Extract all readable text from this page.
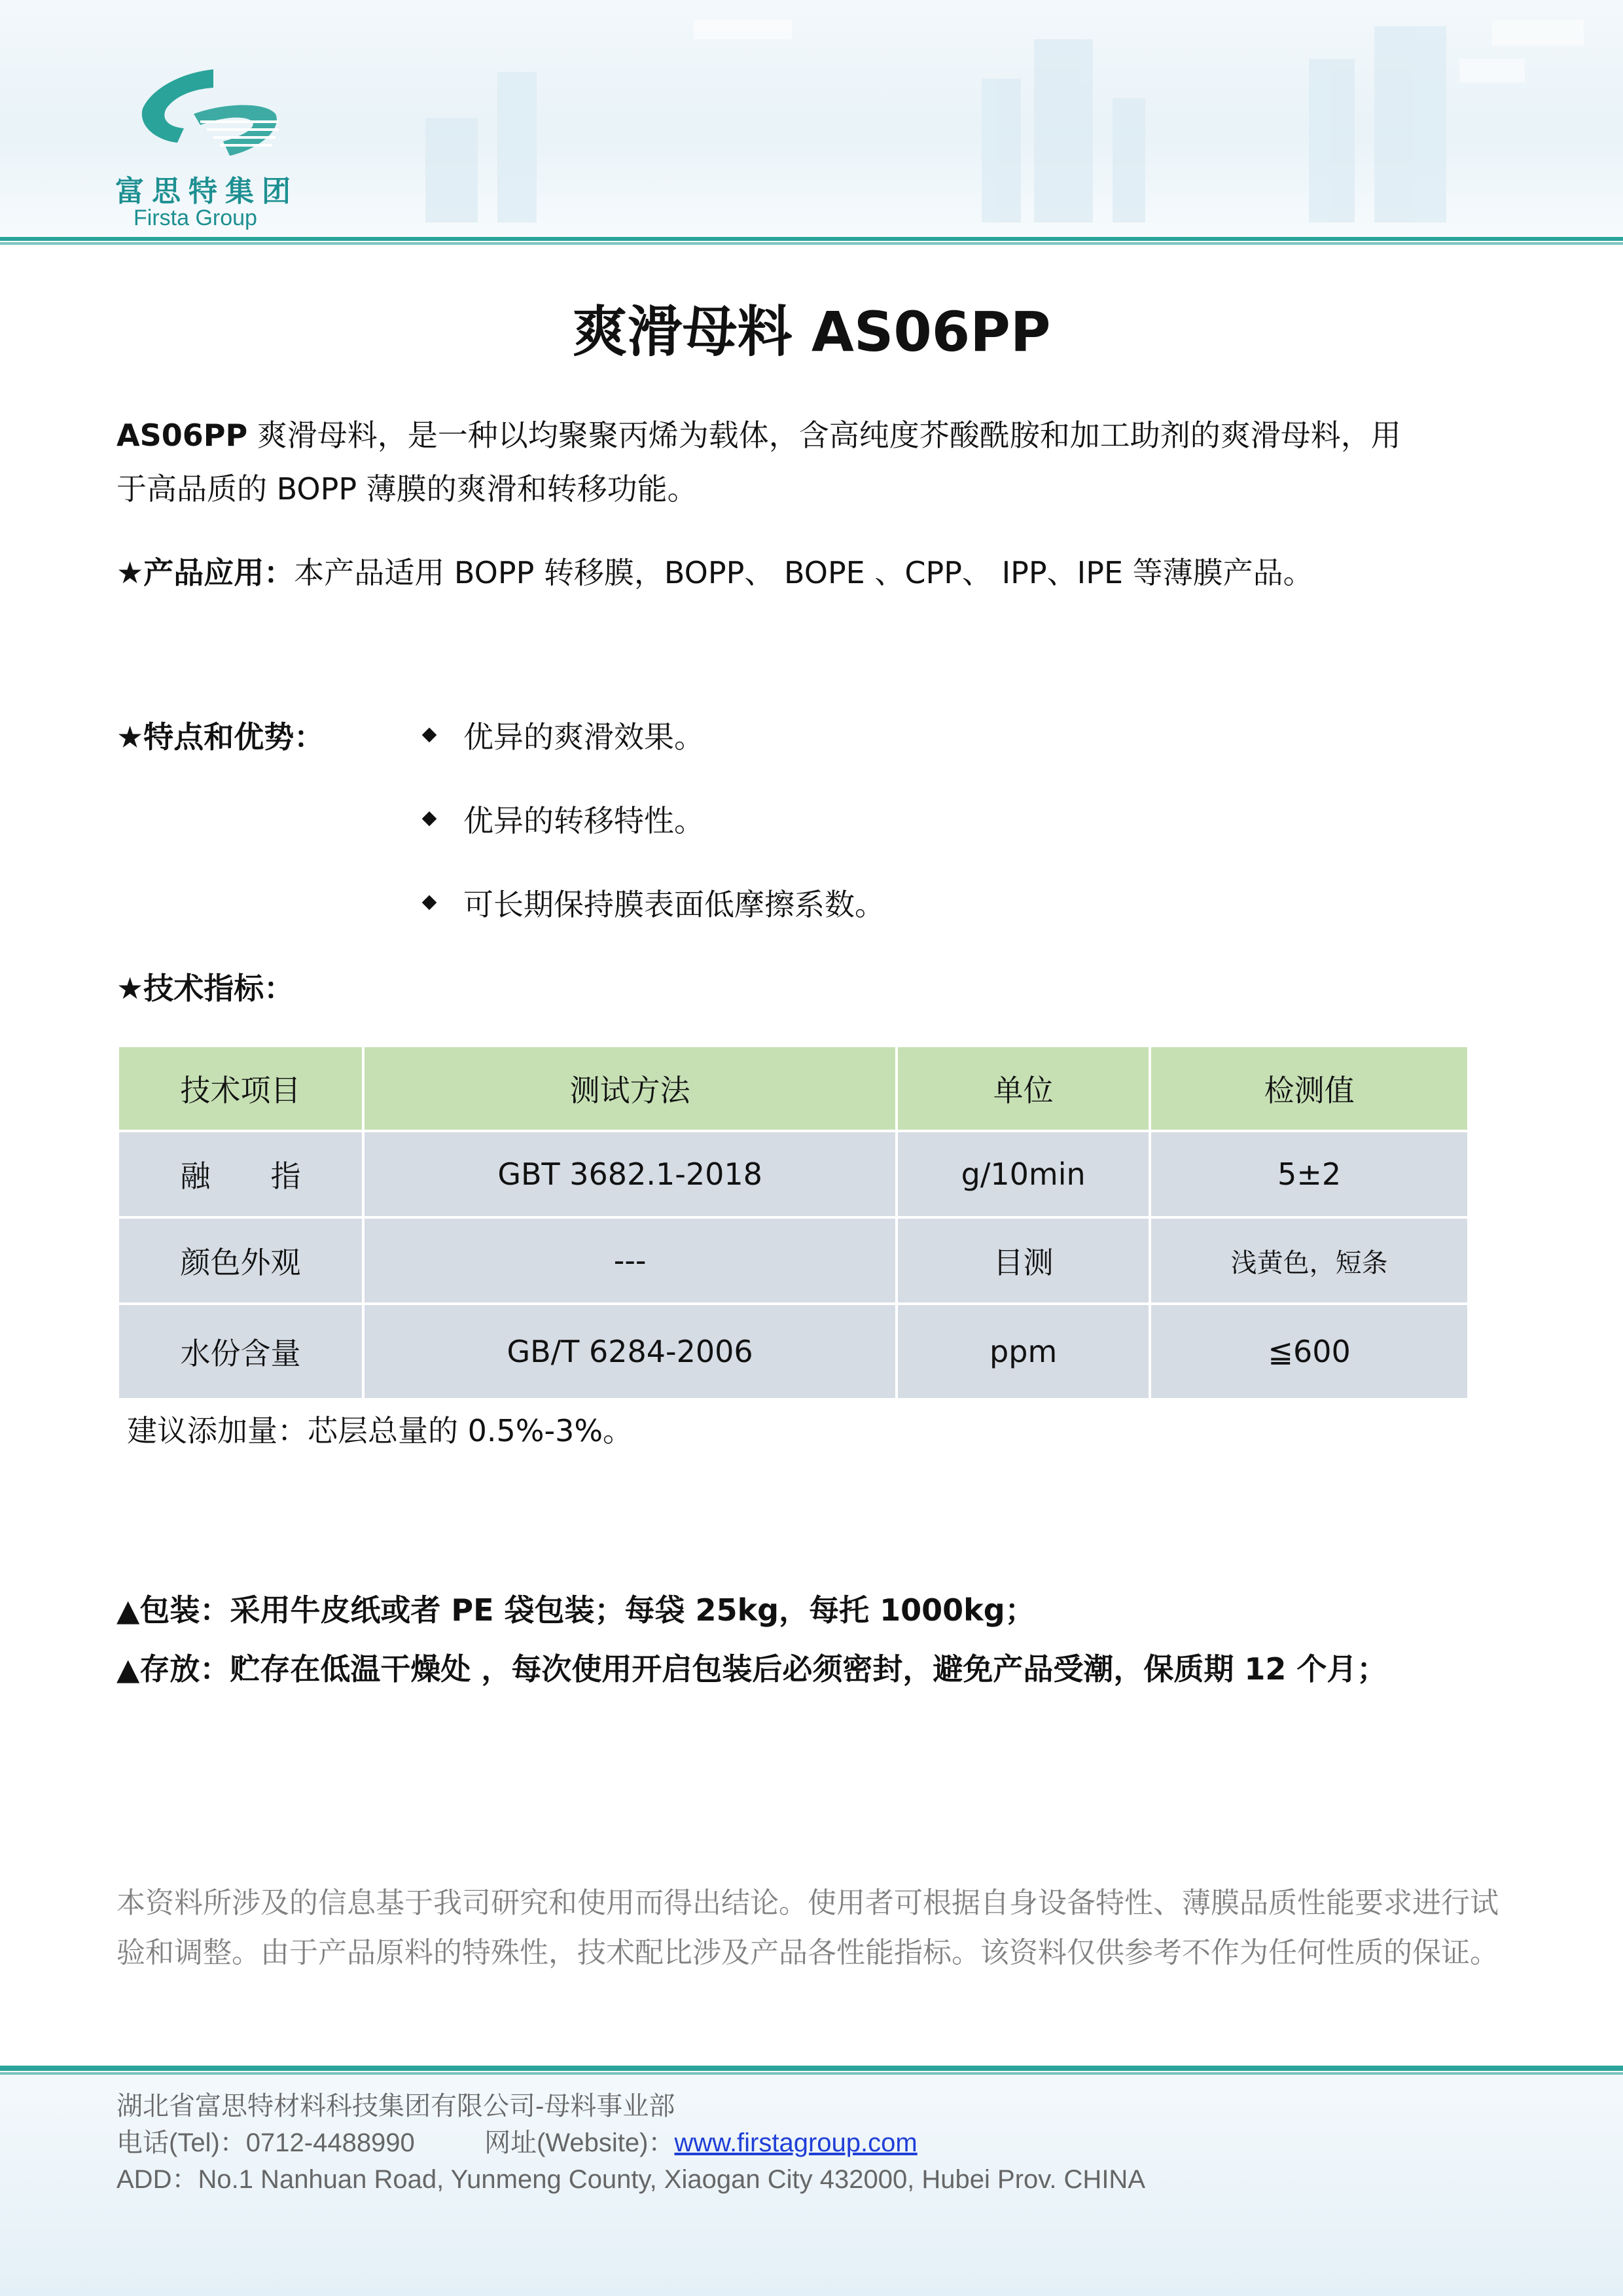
富思特集团
Firsta Group
爽滑母料 AS06PP
AS06PP 爽滑母料，是一种以均聚聚丙烯为载体，含高纯度芥酸酰胺和加工助剂的爽滑母料，用
于高品质的 BOPP 薄膜的爽滑和转移功能。
★产品应用：本产品适用 BOPP 转移膜，BOPP、 BOPE 、CPP、 IPP、IPE 等薄膜产品。
★特点和优势：	优异的爽滑效果。
优异的转移特性。
可长期保持膜表面低摩擦系数。
★技术指标：
技术项目	测试方法	单位	检测值
融　　指	GBT 3682.1-2018	g/10min	5±2
颜色外观	---	目测	浅黄色，短条
水份含量	GB/T 6284-2006	ppm	≦600
建议添加量：芯层总量的 0.5%-3%。
▲包装：采用牛皮纸或者 PE 袋包装；每袋 25kg，每托 1000kg；
▲存放：贮存在低温干燥处 ，每次使用开启包装后必须密封，避免产品受潮，保质期 12 个月；
本资料所涉及的信息基于我司研究和使用而得出结论。使用者可根据自身设备特性、薄膜品质性能要求进行试
验和调整。由于产品原料的特殊性，技术配比涉及产品各性能指标。该资料仅供参考不作为任何性质的保证。
湖北省富思特材料科技集团有限公司-母料事业部
电话(Tel)：0712-4488990	网址(Website)：www.firstagroup.com
ADD：No.1 Nanhuan Road, Yunmeng County, Xiaogan City 432000, Hubei Prov. CHINA
